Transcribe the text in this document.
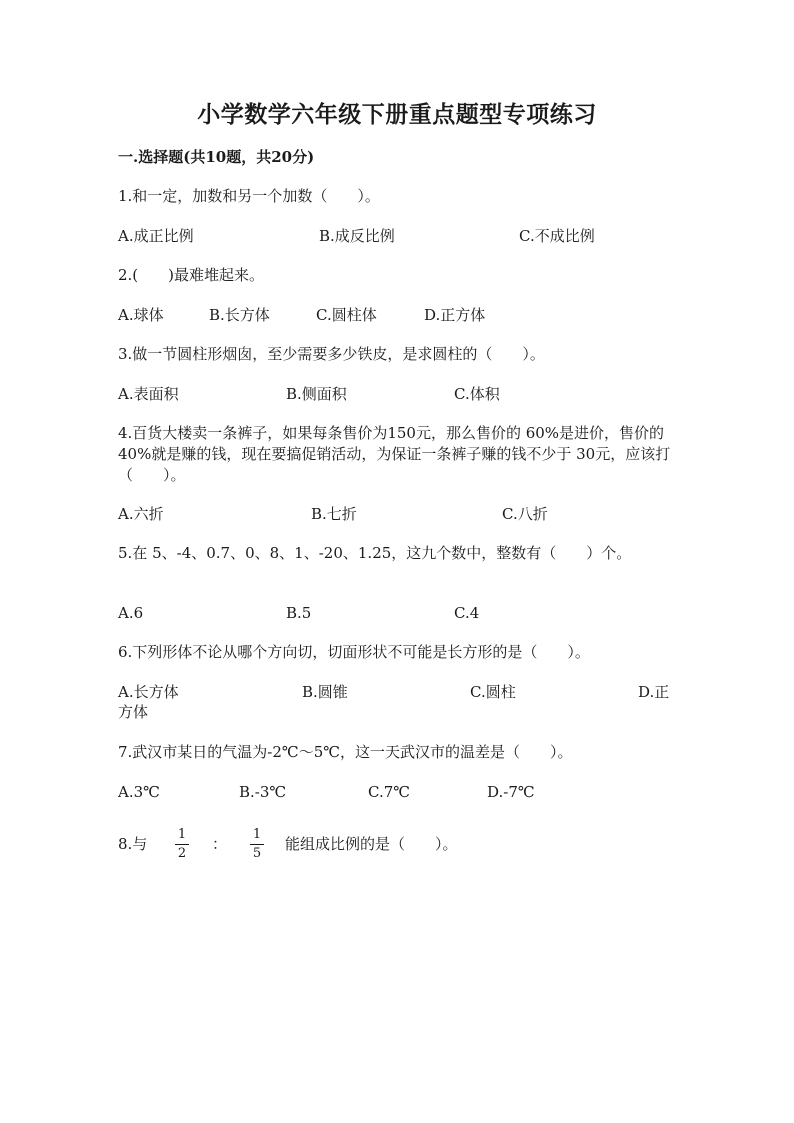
小学数学六年级下册重点题型专项练习
一.选择题(共10题，共20分)
1.和一定，加数和另一个加数（　　）。
A.成正比例	B.成反比例	C.不成比例
2.(　　)最难堆起来。
A.球体	B.长方体	C.圆柱体	D.正方体
3.做一节圆柱形烟囱，至少需要多少铁皮，是求圆柱的（　　）。
A.表面积	B.侧面积	C.体积
4.百货大楼卖一条裤子，如果每条售价为150元，那么售价的 60%是进价，售价的 40%就是赚的钱，现在要搞促销活动，为保证一条裤子赚的钱不少于 30元，应该打（　　）。
A.六折	B.七折	C.八折
5.在 5、-4、0.7、0、8、1、-20、1.25，这九个数中，整数有（　　）个。
A.6	B.5	C.4
6.下列形体不论从哪个方向切，切面形状不可能是长方形的是（　　）。
A.长方体	B.圆锥	C.圆柱	D.正
方体
7.武汉市某日的气温为-2℃～5℃，这一天武汉市的温差是（　　）。
A.3℃	B.-3℃	C.7℃	D.-7℃
8.与
1
2
：
1
5
能组成比例的是（　　）。
